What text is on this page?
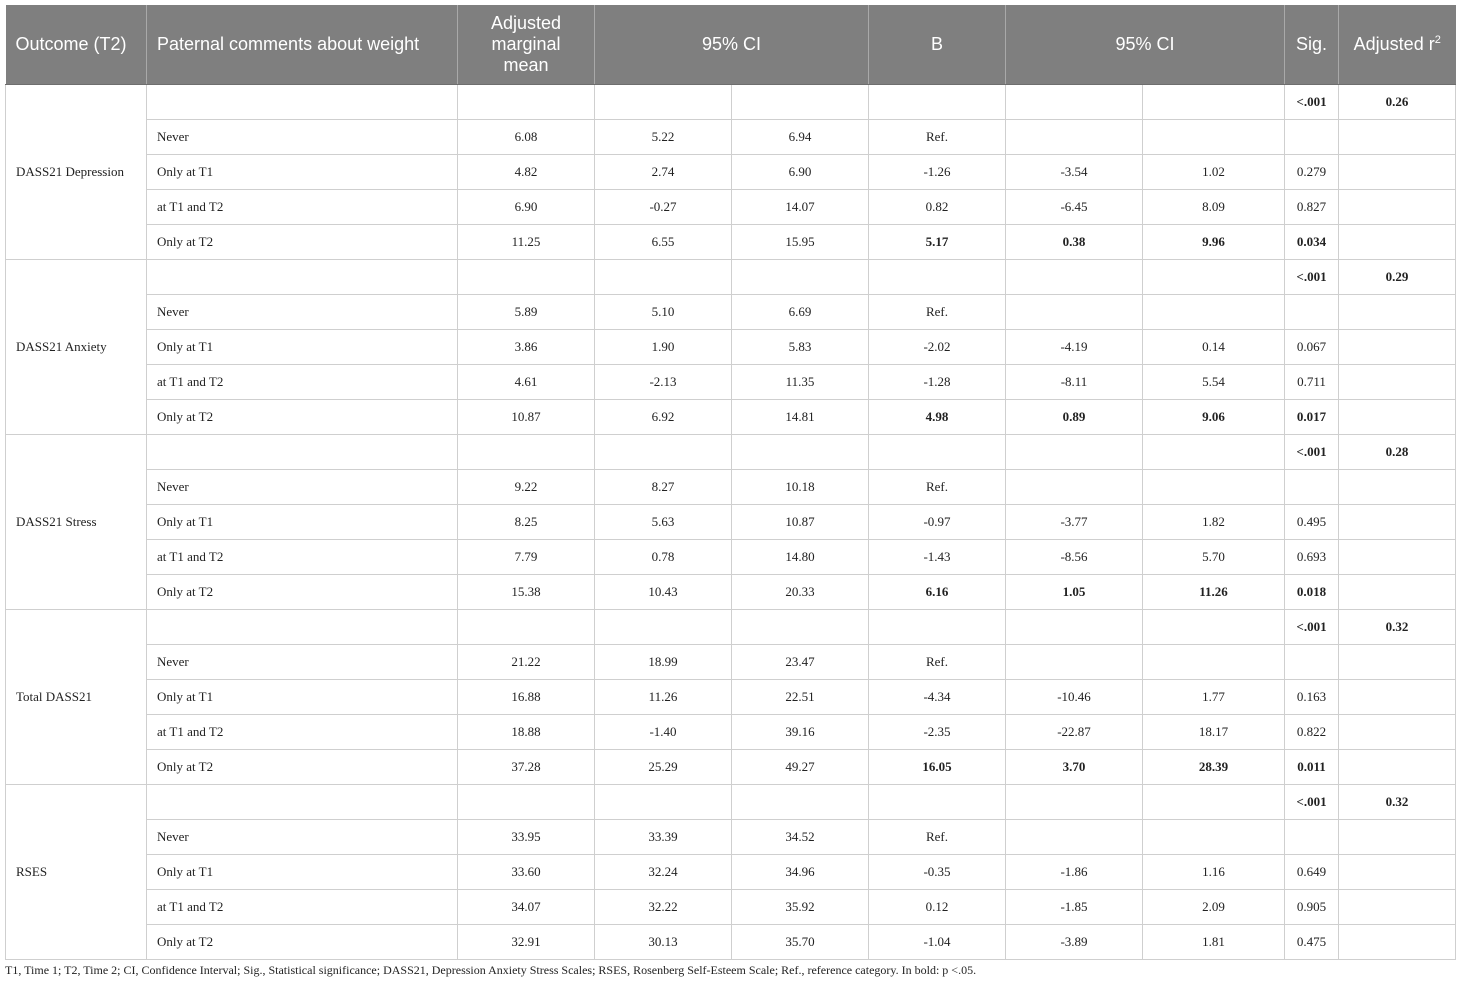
Outcome (T2)	Paternal comments about weight	Adjusted
marginal
mean	95% CI		B	95% CI		Sig.	Adjusted $r^2$
DASS21 Depression								<.001	0.26
	Never	6.08	5.22	6.94	Ref.				
	Only at T1	4.82	2.74	6.90	-1.26	-3.54	1.02	0.279	
	at T1 and T2	6.90	-0.27	14.07	0.82	-6.45	8.09	0.827	
	Only at T2	11.25	6.55	15.95	5.17	0.38	9.96	0.034	
DASS21 Anxiety								<.001	0.29
	Never	5.89	5.10	6.69	Ref.				
	Only at T1	3.86	1.90	5.83	-2.02	-4.19	0.14	0.067	
	at T1 and T2	4.61	-2.13	11.35	-1.28	-8.11	5.54	0.711	
	Only at T2	10.87	6.92	14.81	4.98	0.89	9.06	0.017	
DASS21 Stress								<.001	0.28
	Never	9.22	8.27	10.18	Ref.				
	Only at T1	8.25	5.63	10.87	-0.97	-3.77	1.82	0.495	
	at T1 and T2	7.79	0.78	14.80	-1.43	-8.56	5.70	0.693	
	Only at T2	15.38	10.43	20.33	6.16	1.05	11.26	0.018	
Total DASS21								<.001	0.32
	Never	21.22	18.99	23.47	Ref.				
	Only at T1	16.88	11.26	22.51	-4.34	-10.46	1.77	0.163	
	at T1 and T2	18.88	-1.40	39.16	-2.35	-22.87	18.17	0.822	
	Only at T2	37.28	25.29	49.27	16.05	3.70	28.39	0.011	
RSES								<.001	0.32
	Never	33.95	33.39	34.52	Ref.				
	Only at T1	33.60	32.24	34.96	-0.35	-1.86	1.16	0.649	
	at T1 and T2	34.07	32.22	35.92	0.12	-1.85	2.09	0.905	
	Only at T2	32.91	30.13	35.70	-1.04	-3.89	1.81	0.475	
T1, Time 1; T2, Time 2; CI, Confidence Interval; Sig., Statistical significance; DASS21, Depression Anxiety Stress Scales; RSES, Rosenberg Self-Esteem Scale; Ref., reference category. In bold: p <.05.
